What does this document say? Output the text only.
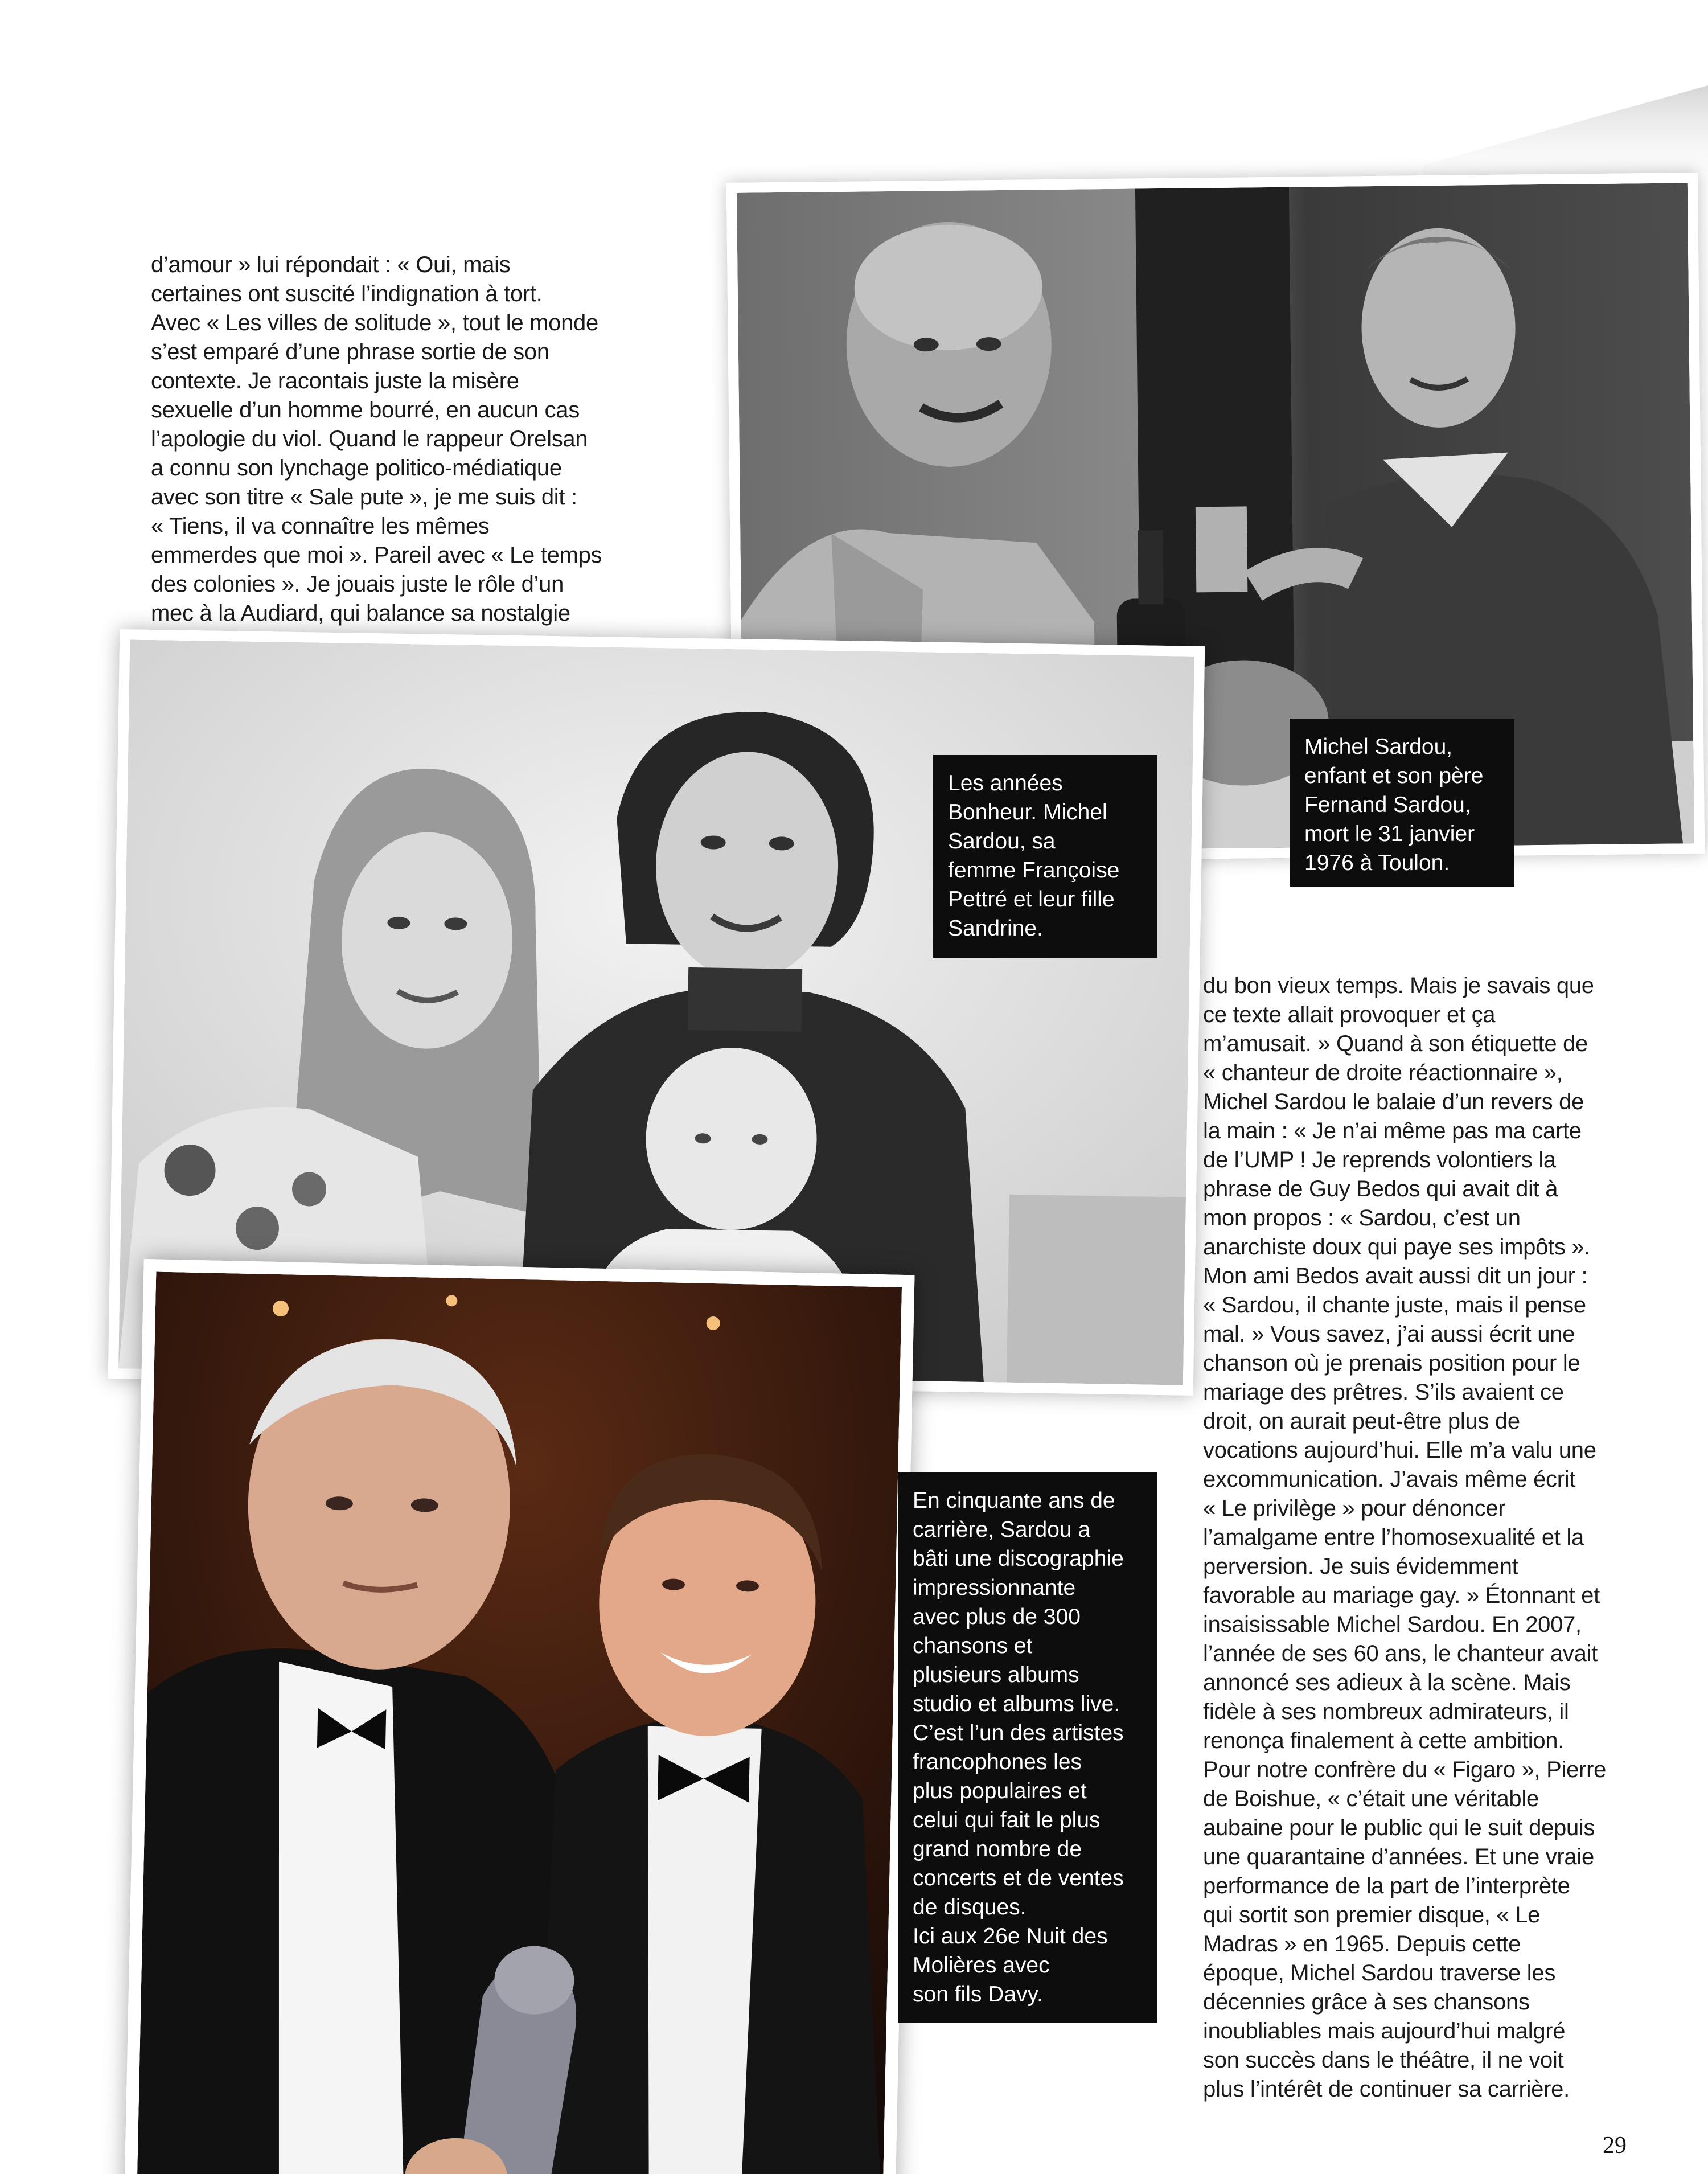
d’amour » lui répondait : « Oui, mais

certaines ont suscité l’indignation à tort.

Avec « Les villes de solitude », tout le monde

s’est emparé d’une phrase sortie de son

contexte. Je racontais juste la misère

sexuelle d’un homme bourré, en aucun cas

l’apologie du viol. Quand le rappeur Orelsan

a connu son lynchage politico-médiatique

avec son titre « Sale pute », je me suis dit :

« Tiens, il va connaître les mêmes

emmerdes que moi ». Pareil avec « Le temps

des colonies ». Je jouais juste le rôle d’un

mec à la Audiard, qui balance sa nostalgie

Michel Sardou,

enfant et son père

Fernand Sardou,

mort le 31 janvier

1976 à Toulon.

Les années

Bonheur. Michel

Sardou, sa

femme Françoise

Pettré et leur fille

Sandrine.

En cinquante ans de

carrière, Sardou a

bâti une discographie

impressionnante

avec plus de 300

chansons et

plusieurs albums

studio et albums live.

C’est l’un des artistes

francophones les

plus populaires et

celui qui fait le plus

grand nombre de

concerts et de ventes

de disques.

Ici aux 26e Nuit des

Molières avec

son fils Davy.

du bon vieux temps. Mais je savais que

ce texte allait provoquer et ça

m’amusait. » Quand à son étiquette de

« chanteur de droite réactionnaire »,

Michel Sardou le balaie d’un revers de

la main : « Je n’ai même pas ma carte

de l’UMP ! Je reprends volontiers la

phrase de Guy Bedos qui avait dit à

mon propos : « Sardou, c’est un

anarchiste doux qui paye ses impôts ».

Mon ami Bedos avait aussi dit un jour :

« Sardou, il chante juste, mais il pense

mal. » Vous savez, j’ai aussi écrit une

chanson où je prenais position pour le

mariage des prêtres. S’ils avaient ce

droit, on aurait peut-être plus de

vocations aujourd’hui. Elle m’a valu une

excommunication. J’avais même écrit

« Le privilège » pour dénoncer

l’amalgame entre l’homosexualité et la

perversion. Je suis évidemment

favorable au mariage gay. » Étonnant et

insaisissable Michel Sardou. En 2007,

l’année de ses 60 ans, le chanteur avait

annoncé ses adieux à la scène. Mais

fidèle à ses nombreux admirateurs, il

renonça finalement à cette ambition.

Pour notre confrère du « Figaro », Pierre

de Boishue, « c’était une véritable

aubaine pour le public qui le suit depuis

une quarantaine d’années. Et une vraie

performance de la part de l’interprète

qui sortit son premier disque, « Le

Madras » en 1965. Depuis cette

époque, Michel Sardou traverse les

décennies grâce à ses chansons

inoubliables mais aujourd’hui malgré

son succès dans le théâtre, il ne voit

plus l’intérêt de continuer sa carrière.

29
